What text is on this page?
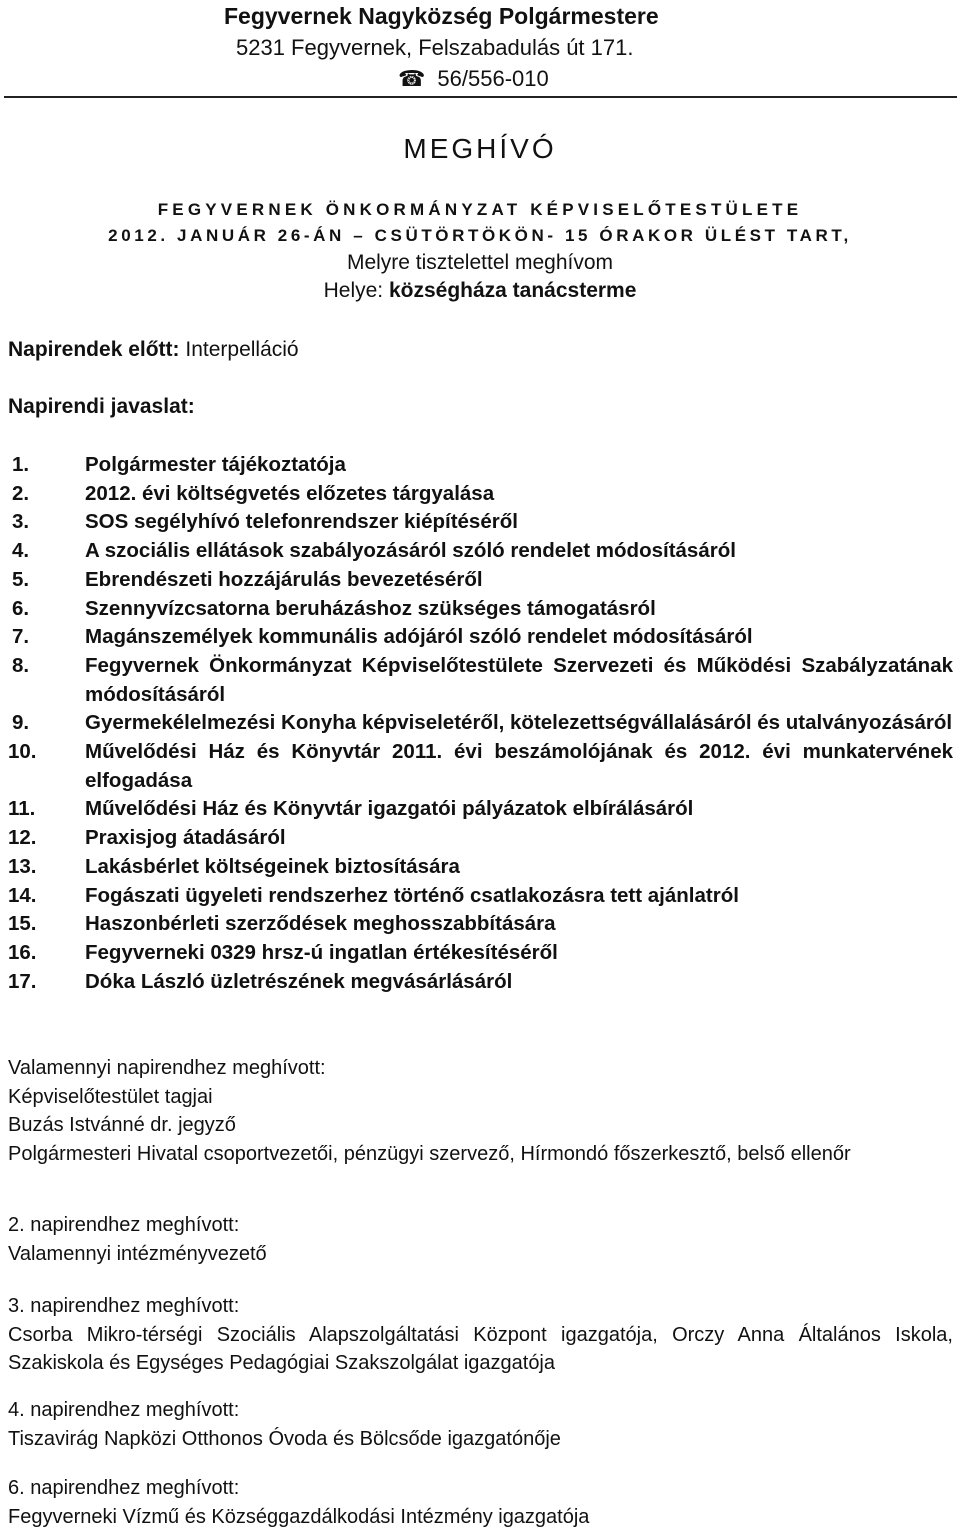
Fegyvernek Nagyközség Polgármestere
5231 Fegyvernek, Felszabadulás út 171.
☎ 56/556-010
MEGHÍVÓ
FEGYVERNEK ÖNKORMÁNYZAT KÉPVISELŐTESTÜLETE
2012. JANUÁR 26-ÁN – CSÜTÖRTÖKÖN- 15 ÓRAKOR ÜLÉST TART,
Melyre tisztelettel meghívom
Helye: községháza tanácsterme
Napirendek előtt: Interpelláció
Napirendi javaslat:
1.	Polgármester tájékoztatója
2.	2012. évi költségvetés előzetes tárgyalása
3.	SOS segélyhívó telefonrendszer kiépítéséről
4.	A szociális ellátások szabályozásáról szóló rendelet módosításáról
5.	Ebrendészeti hozzájárulás bevezetéséről
6.	Szennyvízcsatorna beruházáshoz szükséges támogatásról
7.	Magánszemélyek kommunális adójáról szóló rendelet módosításáról
8.	Fegyvernek Önkormányzat Képviselőtestülete Szervezeti és Működési Szabályzatának módosításáról
9.	Gyermekélelmezési Konyha képviseletéről, kötelezettségvállalásáról és utalványozásáról
10.	Művelődési Ház és Könyvtár 2011. évi beszámolójának és 2012. évi munkatervének elfogadása
11.	Művelődési Ház és Könyvtár igazgatói pályázatok elbírálásáról
12.	Praxisjog átadásáról
13.	Lakásbérlet költségeinek biztosítására
14.	Fogászati ügyeleti rendszerhez történő csatlakozásra tett ajánlatról
15.	Haszonbérleti szerződések meghosszabbítására
16.	Fegyverneki 0329 hrsz-ú ingatlan értékesítéséről
17.	Dóka László üzletrészének megvásárlásáról
Valamennyi napirendhez meghívott:
Képviselőtestület tagjai
Buzás Istvánné dr. jegyző
Polgármesteri Hivatal csoportvezetői, pénzügyi szervező, Hírmondó főszerkesztő, belső ellenőr
2. napirendhez meghívott:
Valamennyi intézményvezető
3. napirendhez meghívott:
Csorba Mikro-térségi Szociális Alapszolgáltatási Központ igazgatója, Orczy Anna Általános Iskola, Szakiskola és Egységes Pedagógiai Szakszolgálat igazgatója
4. napirendhez meghívott:
Tiszavirág Napközi Otthonos Óvoda és Bölcsőde igazgatónője
6. napirendhez meghívott:
Fegyverneki Vízmű és Községgazdálkodási Intézmény igazgatója
